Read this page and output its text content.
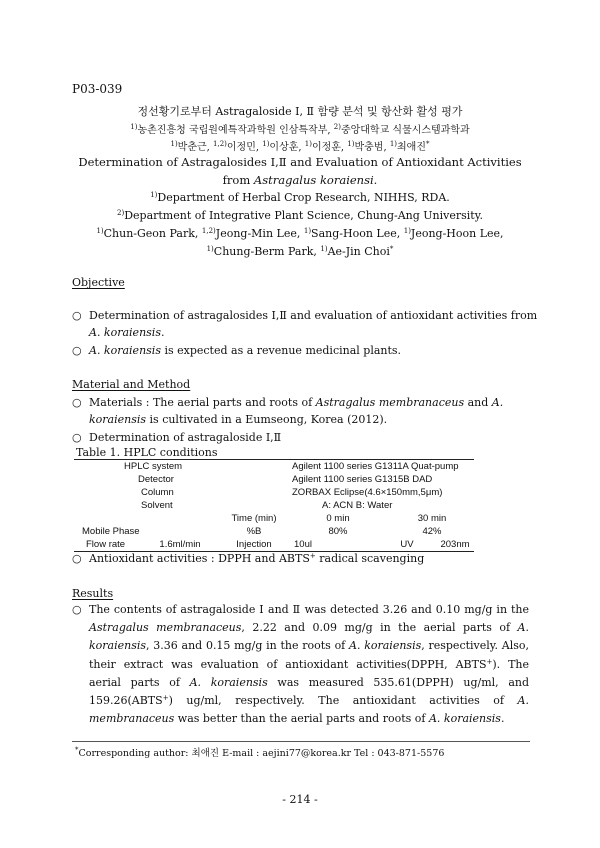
P03-039
정선황기로부터 Astragaloside Ⅰ, Ⅱ 함량 분석 및 항산화 활성 평가
$^{1)}$농촌진흥청 국립원예특작과학원 인삼특작부, $^{2)}$중앙대학교 식물시스템과학과
$^{1)}$박춘근, $^{1,2)}$이정민, $^{1)}$이상훈, $^{1)}$이정훈, $^{1)}$박충범, $^{1)}$최애진*
Determination of Astragalosides Ⅰ,Ⅱ and Evaluation of Antioxidant Activities
from Astragalus koraiensi.
$^{1)}$Department of Herbal Crop Research, NIHHS, RDA.
$^{2)}$Department of Integrative Plant Science, Chung-Ang University.
$^{1)}$Chun-Geon Park, $^{1,2)}$Jeong-Min Lee, $^{1)}$Sang-Hoon Lee, $^{1)}$Jeong-Hoon Lee,
$^{1)}$Chung-Berm Park, $^{1)}$Ae-Jin Choi*
Objective
○ Determination of astragalosides Ⅰ,Ⅱ and evaluation of antioxidant activities from
A. koraiensis.
○ A. koraiensis is expected as a revenue medicinal plants.
Material and Method
○ Materials : The aerial parts and roots of Astragalus membranaceus and A.
koraiensis is cultivated in a Eumseong, Korea (2012).
○ Determination of astragaloside Ⅰ,Ⅱ
Table 1. HPLC conditions
HPLC system			Agilent 1100 series G1311A Quat-pump		
Detector			Agilent 1100 series G1315B DAD		
Column			ZORBAX Eclipse(4.6×150mm,5μm)		
Solvent			A: ACN B: Water		
		Time (min)	0 min	30 min	
Mobile Phase		%B	80%	42%	
Flow rate	1.6ml/min	Injection	10ul	UV	203nm
○ Antioxidant activities : DPPH and ABTS+ radical scavenging
Results
○ The contents of astragaloside Ⅰ and Ⅱ was detected 3.26 and 0.10 mg/g in the Astragalus membranaceus, 2.22 and 0.09 mg/g in the aerial parts of A. koraiensis, 3.36 and 0.15 mg/g in the roots of A. koraiensis, respectively. Also, their extract was evaluation of antioxidant activities(DPPH, ABTS+). The aerial parts of A. koraiensis was measured 535.61(DPPH) ug/ml, and 159.26(ABTS+) ug/ml, respectively. The antioxidant activities of A. membranaceus was better than the aerial parts and roots of A. koraiensis.
*Corresponding author: 최애진 E-mail : aejini77@korea.kr Tel : 043-871-5576
- 214 -
